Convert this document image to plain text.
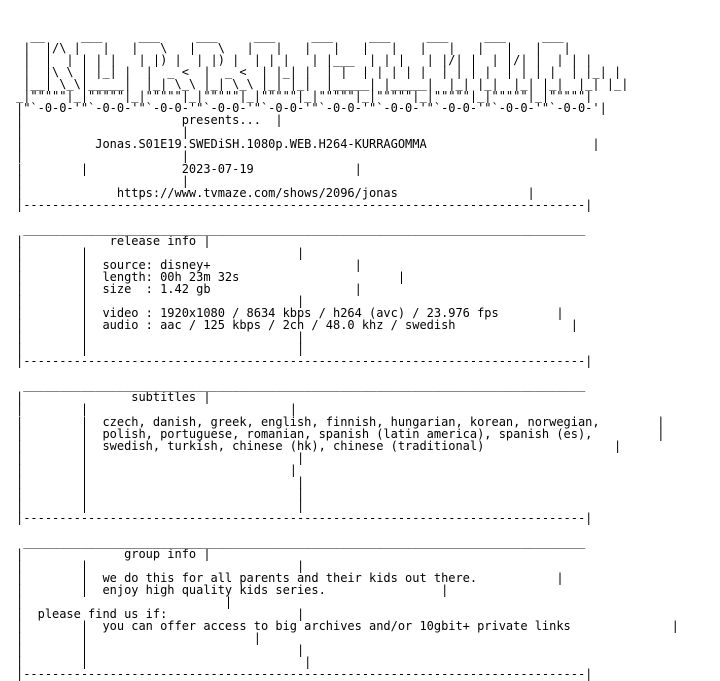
__     ___     ___     ___     ___     ___     ___     ___     ___     ___
|  |/\ |   |   |   \   |   \   |   |   |   |   |   |   |   |   |   |   |   |
|  |  | | | |   | |) |  | |) |  | | |   | |___  | | |   | |/| |  | |/| |  | | |
|  |\ \ | |_| |  |  _ <  |  _ <  | |_| |  | |  | | | | |  | | | |  | | | |  | |_| |
|__| \_\|_____|  |_| \_\ |_| \_\ |_| |_|  |_____| |_____|  |_| |_|  |_| |_|  |_| |_|
_|"""""|_|"""""|_|"""""|_|"""""|_|"""""|_|"""""|_|"""""|_|"""""|_|"""""|_|"""""|
|"`-0-0-'"`-0-0-'"`-0-0-'"`-0-0-'"`-0-0-'"`-0-0-'"`-0-0-'"`-0-0-'"`-0-0-'"`-0-0-'|
|                      presents...  |
|                      |
|          Jonas.S01E19.SWEDiSH.1080p.WEB.H264-KURRAGOMMA                       |
|                      |
|        |             2023-07-19              |
|                      |
|             https://www.tvmaze.com/shows/2096/jonas                  |
|------------------------------------------------------------------------------|

______________________________________________________________________________
|            release info |
|        |                             |
|        |  source: disney+                    |
|        |  length: 00h 23m 32s                      |
|        |  size  : 1.42 gb                    |
|        |                             |
|        |  video : 1920x1080 / 8634 kbps / h264 (avc) / 23.976 fps        |
|        |  audio : aac / 125 kbps / 2ch / 48.0 khz / swedish                |
|        |                             |
|        |                             |
|------------------------------------------------------------------------------|

______________________________________________________________________________
|               subtitles |
|        |                            |
|        |  czech, danish, greek, english, finnish, hungarian, korean, norwegian,        |
|        |  polish, portuguese, romanian, spanish (latin america), spanish (es),         |
|        |  swedish, turkish, chinese (hk), chinese (traditional)                  |
|        |                             |
|        |                            |
|        |                             |
|        |                             |
|        |                             |
|------------------------------------------------------------------------------|

______________________________________________________________________________
|              group info |
|        |                             |
|        |  we do this for all parents and their kids out there.           |
|        |  enjoy high quality kids series.                |
|                            |
|  please find us if:                  |
|        |  you can offer access to big archives and/or 10gbit+ private links              |
|        |                       |
|        |                             |
|        |                              |
|------------------------------------------------------------------------------|
